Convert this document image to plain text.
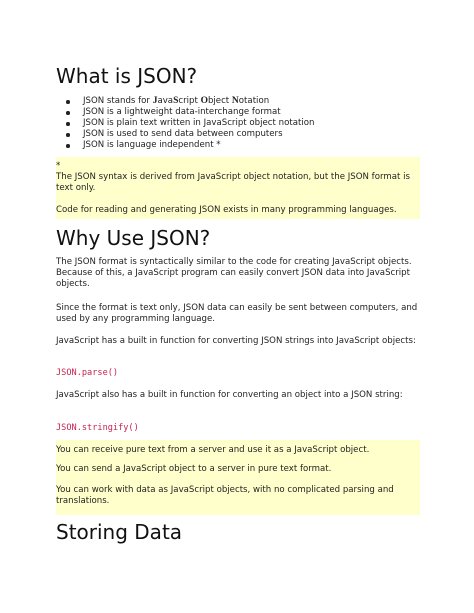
What is JSON?
JSON stands for JavaScript Object Notation
JSON is a lightweight data-interchange format
JSON is plain text written in JavaScript object notation
JSON is used to send data between computers
JSON is language independent *

*

The JSON syntax is derived from JavaScript object notation, but the JSON format is text only.

Code for reading and generating JSON exists in many programming languages.

Why Use JSON?

The JSON format is syntactically similar to the code for creating JavaScript objects. Because of this, a JavaScript program can easily convert JSON data into JavaScript objects.

Since the format is text only, JSON data can easily be sent between computers, and used by any programming language.

JavaScript has a built in function for converting JSON strings into JavaScript objects:

JSON.parse()

JavaScript also has a built in function for converting an object into a JSON string:

JSON.stringify()

You can receive pure text from a server and use it as a JavaScript object.

You can send a JavaScript object to a server in pure text format.

You can work with data as JavaScript objects, with no complicated parsing and translations.

Storing Data
